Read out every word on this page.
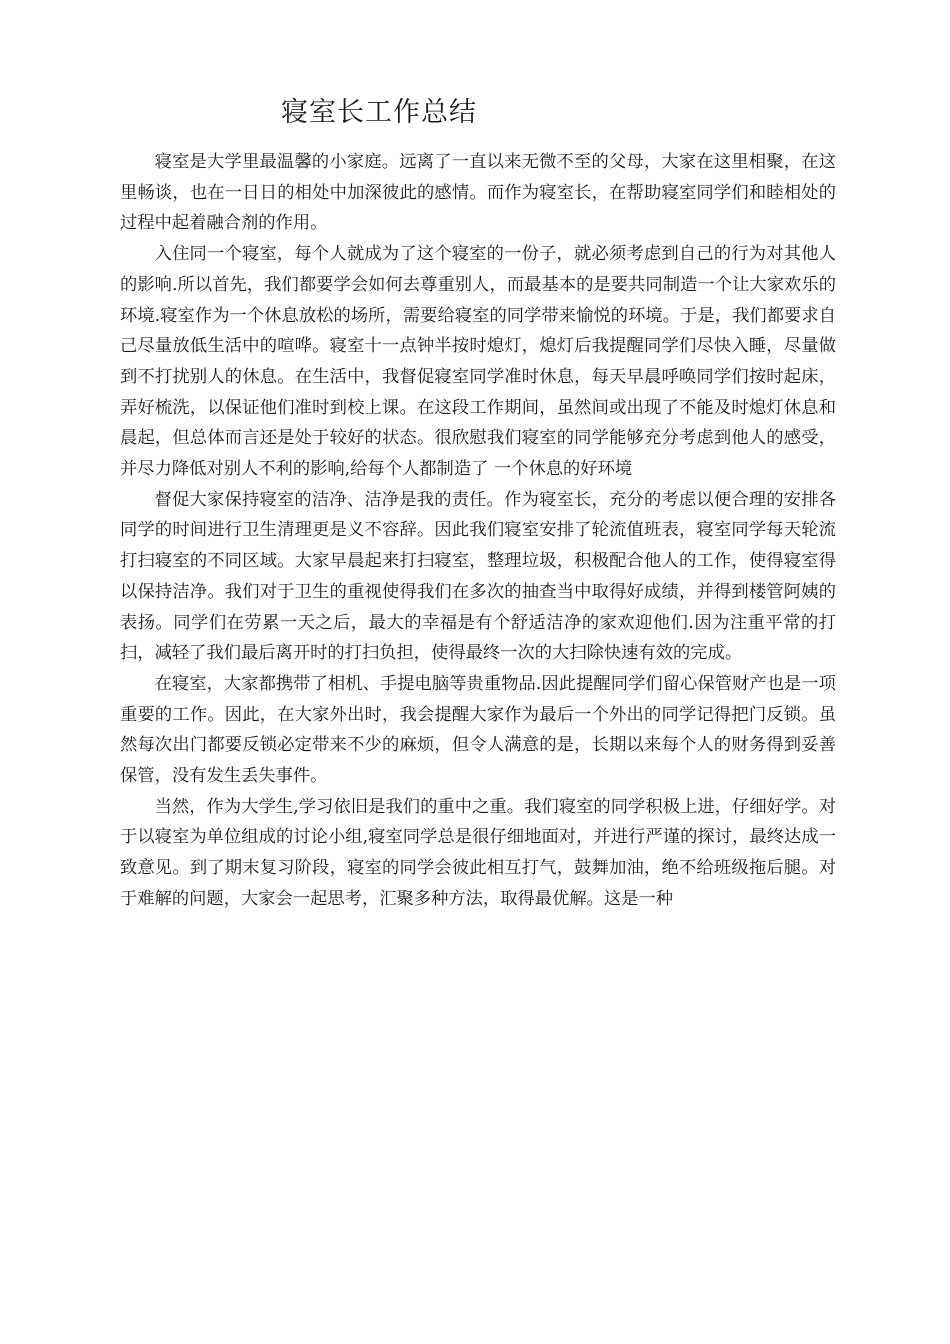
寝室长工作总结

寝室是大学里最温馨的小家庭。远离了一直以来无微不至的父母，大家在这里相聚，在这里畅谈，也在一日日的相处中加深彼此的感情。而作为寝室长，在帮助寝室同学们和睦相处的过程中起着融合剂的作用。

入住同一个寝室，每个人就成为了这个寝室的一份子，就必须考虑到自己的行为对其他人的影响.所以首先，我们都要学会如何去尊重别人，而最基本的是要共同制造一个让大家欢乐的环境.寝室作为一个休息放松的场所，需要给寝室的同学带来愉悦的环境。于是，我们都要求自己尽量放低生活中的喧哗。寝室十一点钟半按时熄灯，熄灯后我提醒同学们尽快入睡，尽量做到不打扰别人的休息。在生活中，我督促寝室同学准时休息，每天早晨呼唤同学们按时起床，弄好梳洗，以保证他们准时到校上课。在这段工作期间，虽然间或出现了不能及时熄灯休息和晨起，但总体而言还是处于较好的状态。很欣慰我们寝室的同学能够充分考虑到他人的感受，并尽力降低对别人不利的影响,给每个人都制造了 一个休息的好环境

督促大家保持寝室的洁净、洁净是我的责任。作为寝室长，充分的考虑以便合理的安排各同学的时间进行卫生清理更是义不容辞。因此我们寝室安排了轮流值班表，寝室同学每天轮流打扫寝室的不同区域。大家早晨起来打扫寝室，整理垃圾，积极配合他人的工作，使得寝室得以保持洁净。我们对于卫生的重视使得我们在多次的抽查当中取得好成绩，并得到楼管阿姨的表扬。同学们在劳累一天之后，最大的幸福是有个舒适洁净的家欢迎他们.因为注重平常的打扫，减轻了我们最后离开时的打扫负担，使得最终一次的大扫除快速有效的完成。

在寝室，大家都携带了相机、手提电脑等贵重物品.因此提醒同学们留心保管财产也是一项重要的工作。因此，在大家外出时，我会提醒大家作为最后一个外出的同学记得把门反锁。虽然每次出门都要反锁必定带来不少的麻烦，但令人满意的是，长期以来每个人的财务得到妥善保管，没有发生丢失事件。

当然，作为大学生,学习依旧是我们的重中之重。我们寝室的同学积极上进，仔细好学。对于以寝室为单位组成的讨论小组,寝室同学总是很仔细地面对，并进行严谨的探讨，最终达成一致意见。到了期末复习阶段，寝室的同学会彼此相互打气，鼓舞加油，绝不给班级拖后腿。对于难解的问题，大家会一起思考，汇聚多种方法，取得最优解。这是一种
